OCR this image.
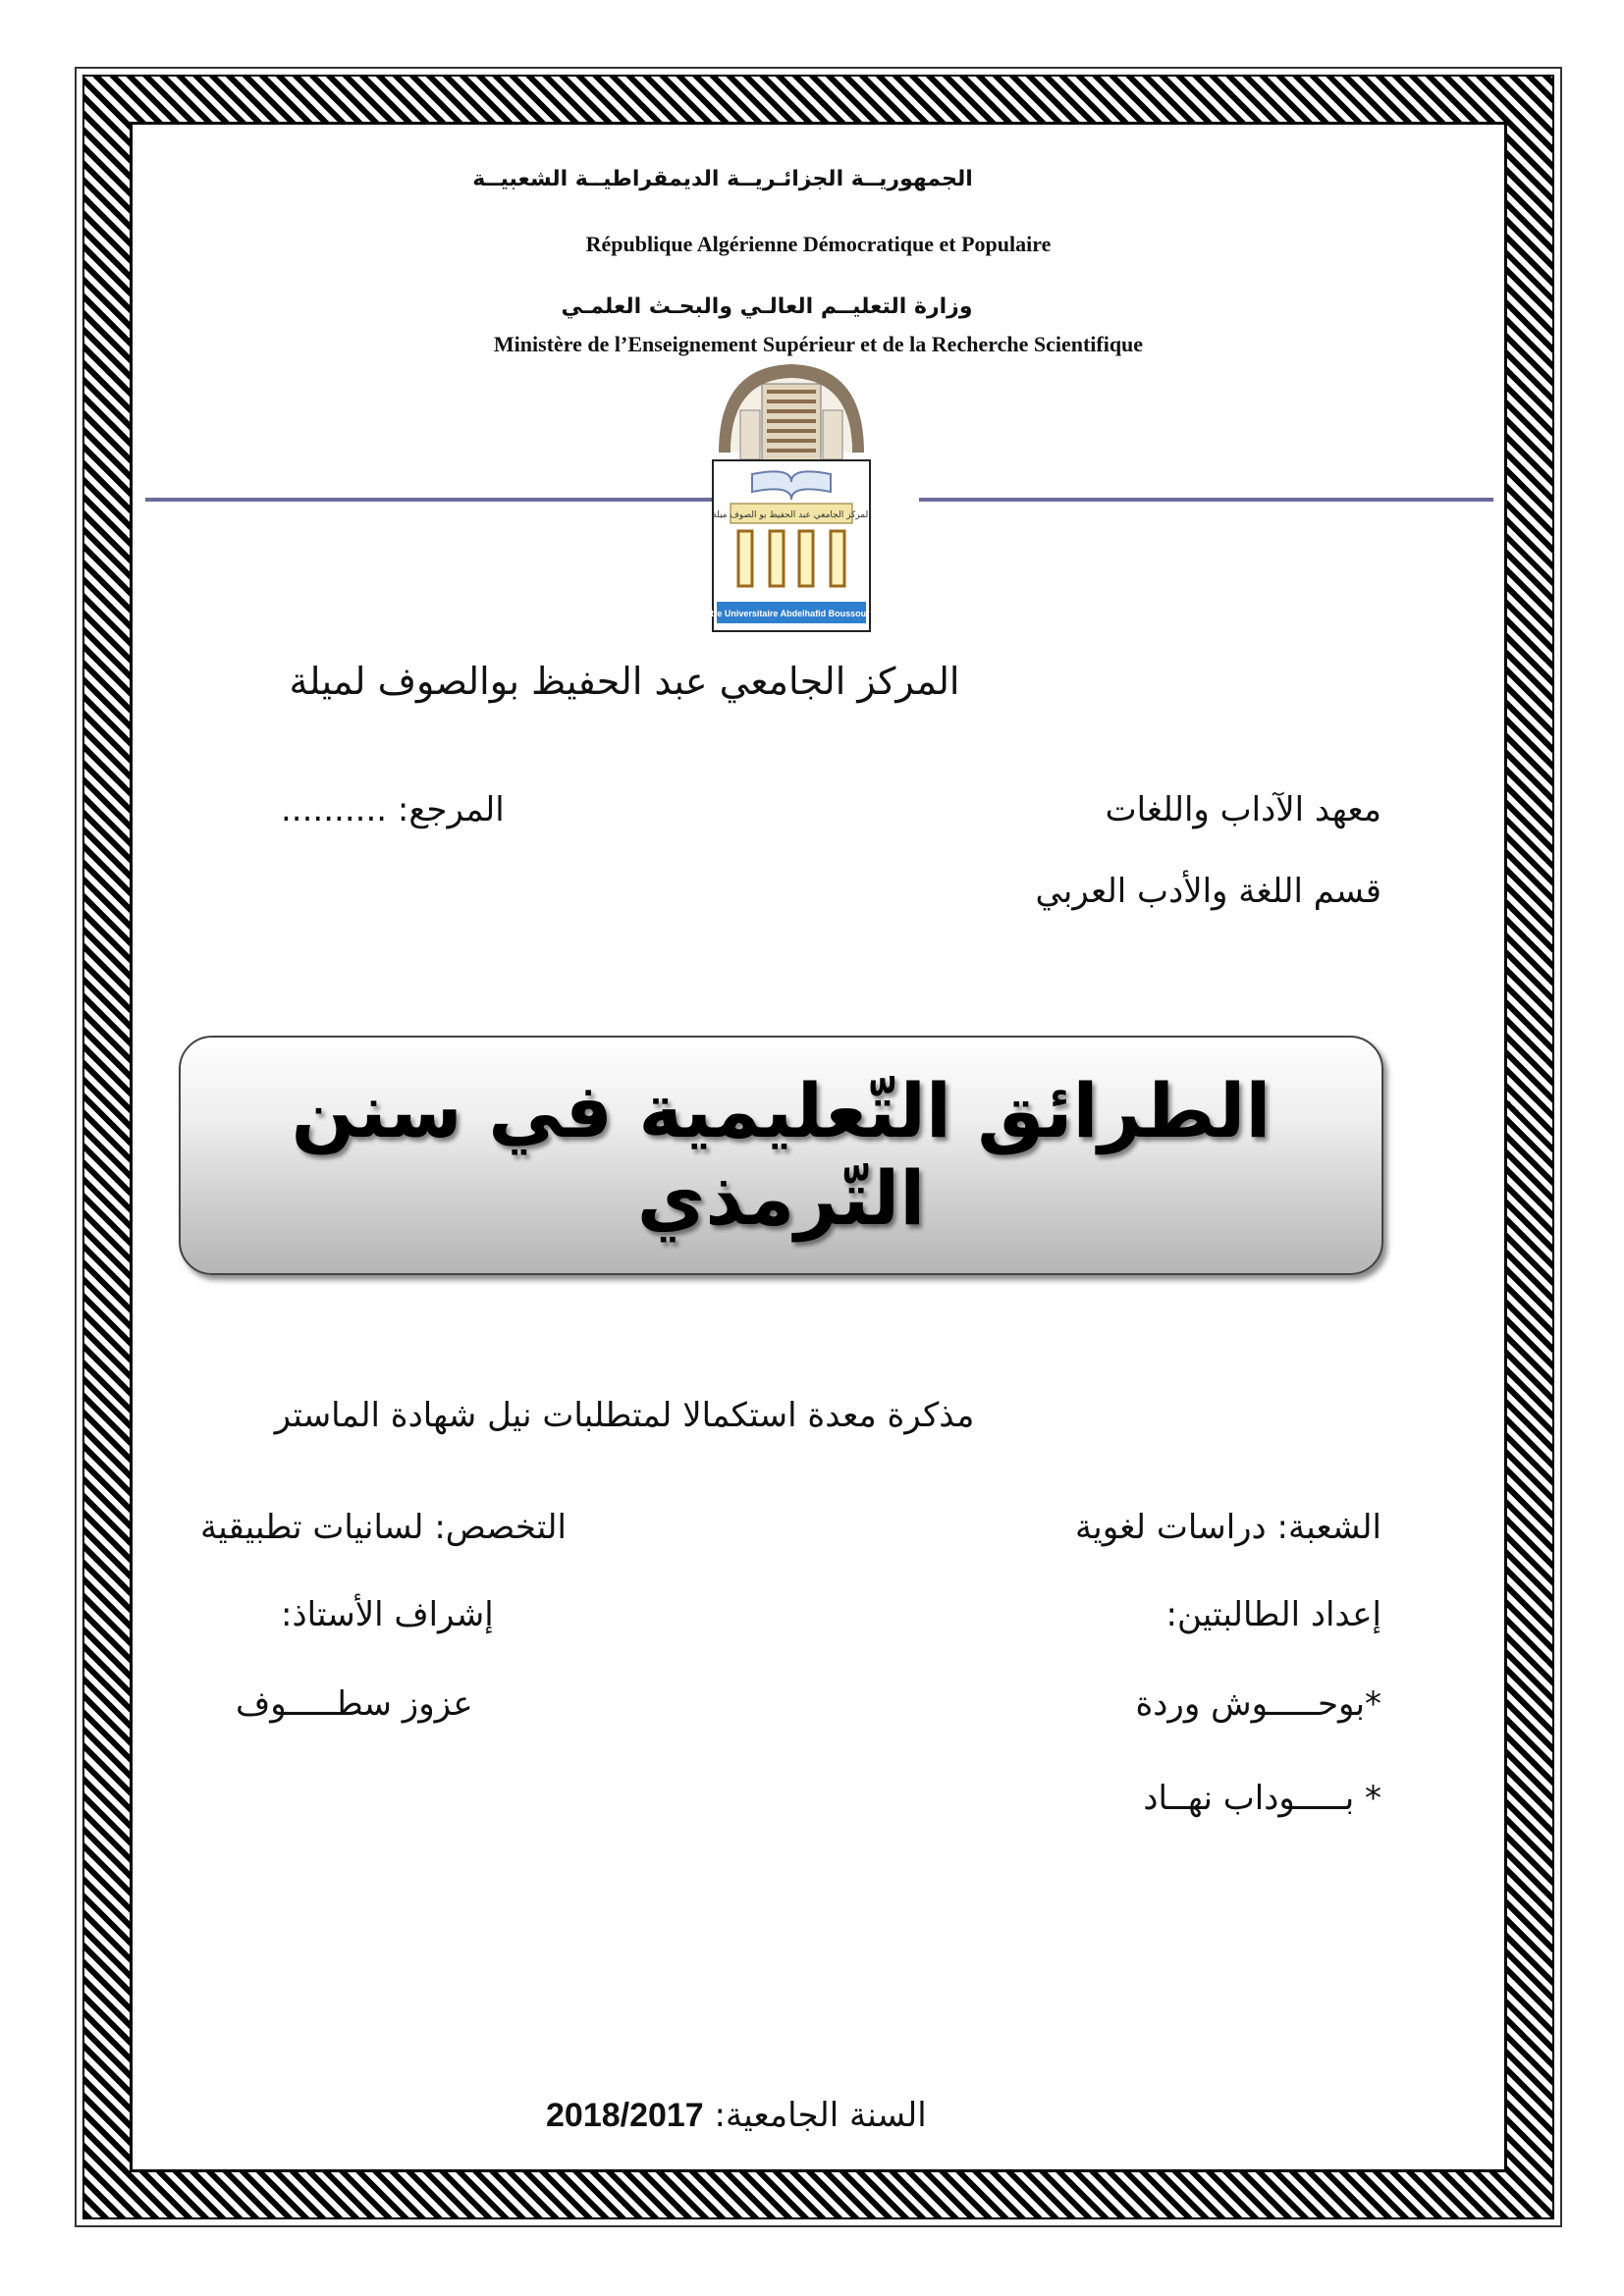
الجمهوريــة الجزائـريــة الديمقراطيــة الشعبيــة
République Algérienne Démocratique et Populaire
وزارة التعليــم العالـي والبحـث العلمـي
Ministère de l’Enseignement Supérieur et de la Recherche Scientifique
المركز الجامعي عبد الحفيظ بو الصوف ميلة
Centre Universitaire Abdelhafid Boussouf Mila
المركز الجامعي عبد الحفيظ بوالصوف لميلة
معهد الآداب واللغات
المرجع: ..........
قسم اللغة والأدب العربي
الطرائق التّعليمية في سنن التّرمذي
مذكرة معدة استكمالا لمتطلبات نيل شهادة الماستر
الشعبة: دراسات لغوية
التخصص: لسانيات تطبيقية
إعداد الطالبتين:
إشراف الأستاذ:
*بوحـــــوش وردة
عزوز سطـــــوف
* بـــــوداب نهــاد
السنة الجامعية: 2018/2017
